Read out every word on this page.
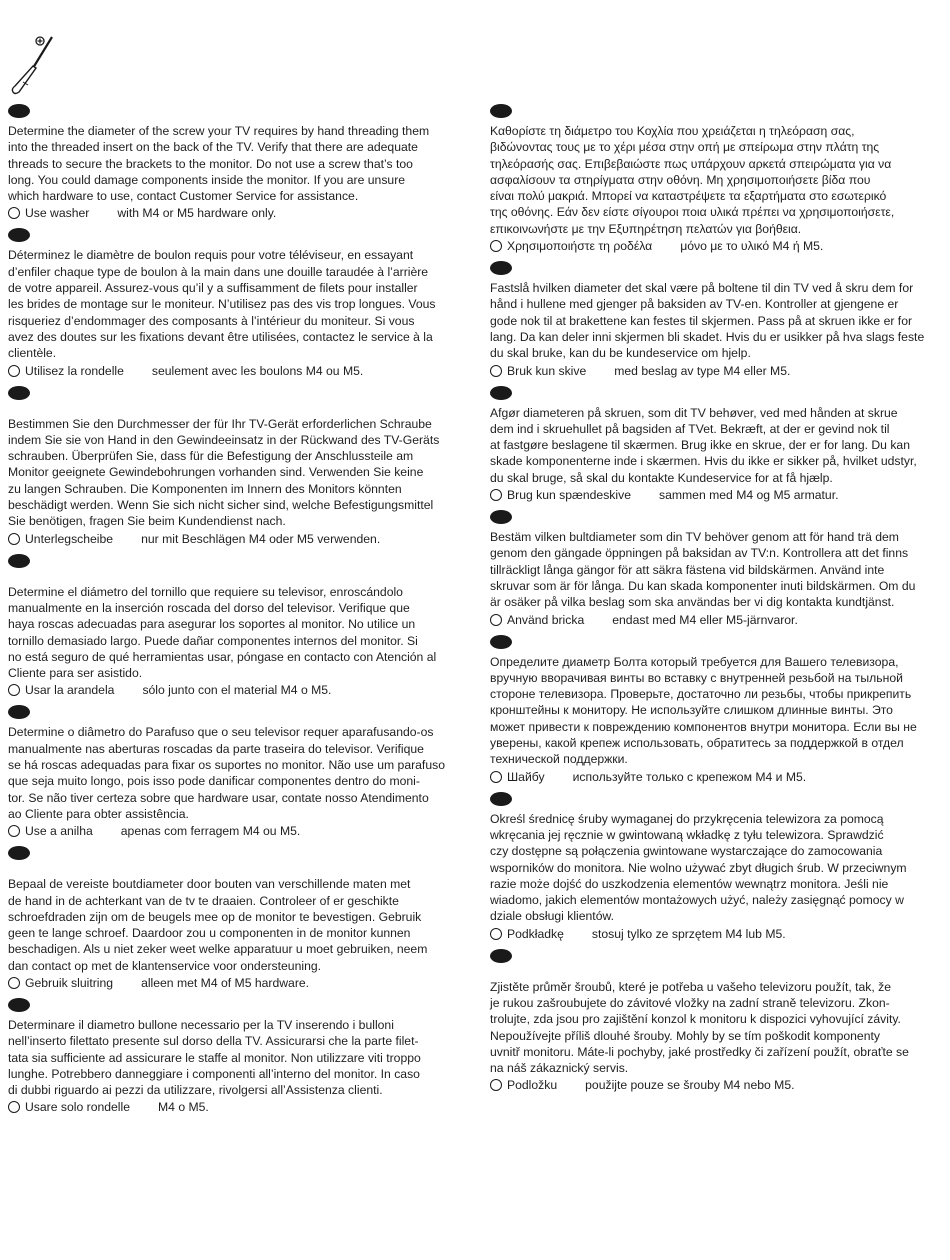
Determine the diameter of the screw your TV requires by hand threading them
into the threaded insert on the back of the TV. Verify that there are adequate
threads to secure the brackets to the monitor. Do not use a screw that’s too
long. You could damage components inside the monitor. If you are unsure
which hardware to use, contact Customer Service for assistance.

Use washer with M4 or M5 hardware only.

Déterminez le diamètre de boulon requis pour votre téléviseur, en essayant
d’enfiler chaque type de boulon à la main dans une douille taraudée à l’arrière
de votre appareil. Assurez-vous qu’il y a suffisamment de filets pour installer
les brides de montage sur le moniteur. N’utilisez pas des vis trop longues. Vous
risqueriez d’endommager des composants à l’intérieur du moniteur. Si vous
avez des doutes sur les fixations devant être utilisées, contactez le service à la
clientèle.

Utilisez la rondelle seulement avec les boulons M4 ou M5.

Bestimmen Sie den Durchmesser der für Ihr TV-Gerät erforderlichen Schraube
indem Sie sie von Hand in den Gewindeeinsatz in der Rückwand des TV-Geräts
schrauben. Überprüfen Sie, dass für die Befestigung der Anschlussteile am
Monitor geeignete Gewindebohrungen vorhanden sind. Verwenden Sie keine
zu langen Schrauben. Die Komponenten im Innern des Monitors könnten
beschädigt werden. Wenn Sie sich nicht sicher sind, welche Befestigungsmittel
Sie benötigen, fragen Sie beim Kundendienst nach.

Unterlegscheibe nur mit Beschlägen M4 oder M5 verwenden.

Determine el diámetro del tornillo que requiere su televisor, enroscándolo
manualmente en la inserción roscada del dorso del televisor. Verifique que
haya roscas adecuadas para asegurar los soportes al monitor. No utilice un
tornillo demasiado largo. Puede dañar componentes internos del monitor. Si
no está seguro de qué herramientas usar, póngase en contacto con Atención al
Cliente para ser asistido.

Usar la arandela sólo junto con el material M4 o M5.

Determine o diâmetro do Parafuso que o seu televisor requer aparafusando-os
manualmente nas aberturas roscadas da parte traseira do televisor. Verifique
se há roscas adequadas para fixar os suportes no monitor. Não use um parafuso
que seja muito longo, pois isso pode danificar componentes dentro do moni-
tor. Se não tiver certeza sobre que hardware usar, contate nosso Atendimento
ao Cliente para obter assistência.

Use a anilha apenas com ferragem M4 ou M5.

Bepaal de vereiste boutdiameter door bouten van verschillende maten met
de hand in de achterkant van de tv te draaien. Controleer of er geschikte
schroefdraden zijn om de beugels mee op de monitor te bevestigen. Gebruik
geen te lange schroef. Daardoor zou u componenten in de monitor kunnen
beschadigen. Als u niet zeker weet welke apparatuur u moet gebruiken, neem
dan contact op met de klantenservice voor ondersteuning.

Gebruik sluitring alleen met M4 of M5 hardware.

Determinare il diametro bullone necessario per la TV inserendo i bulloni
nell’inserto filettato presente sul dorso della TV. Assicurarsi che la parte filet-
tata sia sufficiente ad assicurare le staffe al monitor. Non utilizzare viti troppo
lunghe. Potrebbero danneggiare i componenti all’interno del monitor. In caso
di dubbi riguardo ai pezzi da utilizzare, rivolgersi all’Assistenza clienti.

Usare solo rondelle M4 o M5.

Καθορίστε τη διάμετρο του Κοχλία που χρειάζεται η τηλεόραση σας,
βιδώνοντας τους με το χέρι μέσα στην οπή με σπείρωμα στην πλάτη της
τηλεόρασής σας. Επιβεβαιώστε πως υπάρχουν αρκετά σπειρώματα για να
ασφαλίσουν τα στηρίγματα στην οθόνη. Μη χρησιμοποιήσετε βίδα που
είναι πολύ μακριά. Μπορεί να καταστρέψετε τα εξαρτήματα στο εσωτερικό
της οθόνης. Εάν δεν είστε σίγουροι ποια υλικά πρέπει να χρησιμοποιήσετε,
επικοινωνήστε με την Εξυπηρέτηση πελατών για βοήθεια.

Χρησιμοποιήστε τη ροδέλα μόνο με το υλικό M4 ή M5.

Fastslå hvilken diameter det skal være på boltene til din TV ved å skru dem for
hånd i hullene med gjenger på baksiden av TV-en. Kontroller at gjengene er
gode nok til at brakettene kan festes til skjermen. Pass på at skruen ikke er for
lang. Da kan deler inni skjermen bli skadet. Hvis du er usikker på hva slags feste
du skal bruke, kan du be kundeservice om hjelp.

Bruk kun skive med beslag av type M4 eller M5.

Afgør diameteren på skruen, som dit TV behøver, ved med hånden at skrue
dem ind i skruehullet på bagsiden af TVet. Bekræft, at der er gevind nok til
at fastgøre beslagene til skærmen. Brug ikke en skrue, der er for lang. Du kan
skade komponenterne inde i skærmen. Hvis du ikke er sikker på, hvilket udstyr,
du skal bruge, så skal du kontakte Kundeservice for at få hjælp.

Brug kun spændeskive sammen med M4 og M5 armatur.

Bestäm vilken bultdiameter som din TV behöver genom att för hand trä dem
genom den gängade öppningen på baksidan av TV:n. Kontrollera att det finns
tillräckligt långa gängor för att säkra fästena vid bildskärmen. Använd inte
skruvar som är för långa. Du kan skada komponenter inuti bildskärmen. Om du
är osäker på vilka beslag som ska användas ber vi dig kontakta kundtjänst.

Använd bricka endast med M4 eller M5-järnvaror.

Определите диаметр Болта который требуется для Вашего телевизора,
вручную вворачивая винты во вставку с внутренней резьбой на тыльной
стороне телевизора. Проверьте, достаточно ли резьбы, чтобы прикрепить
кронштейны к монитору. Не используйте слишком длинные винты. Это
может привести к повреждению компонентов внутри монитора. Если вы не
уверены, какой крепеж использовать, обратитесь за поддержкой в отдел
технической поддержки.

Шайбу используйте только с крепежом M4 и M5.

Określ średnicę śruby wymaganej do przykręcenia telewizora za pomocą
wkręcania jej ręcznie w gwintowaną wkładkę z tyłu telewizora. Sprawdzić
czy dostępne są połączenia gwintowane wystarczające do zamocowania
wsporników do monitora. Nie wolno używać zbyt długich śrub. W przeciwnym
razie może dojść do uszkodzenia elementów wewnątrz monitora. Jeśli nie
wiadomo, jakich elementów montażowych użyć, należy zasięgnąć pomocy w
dziale obsługi klientów.

Podkładkę stosuj tylko ze sprzętem M4 lub M5.

Zjistěte průměr šroubů, které je potřeba u vašeho televizoru použít, tak, že
je rukou zašroubujete do závitové vložky na zadní straně televizoru. Zkon-
trolujte, zda jsou pro zajištění konzol k monitoru k dispozici vyhovující závity.
Nepoužívejte příliš dlouhé šrouby. Mohly by se tím poškodit komponenty
uvnitř monitoru. Máte-li pochyby, jaké prostředky či zařízení použít, obraťte se
na náš zákaznický servis.

Podložku použijte pouze se šrouby M4 nebo M5.
